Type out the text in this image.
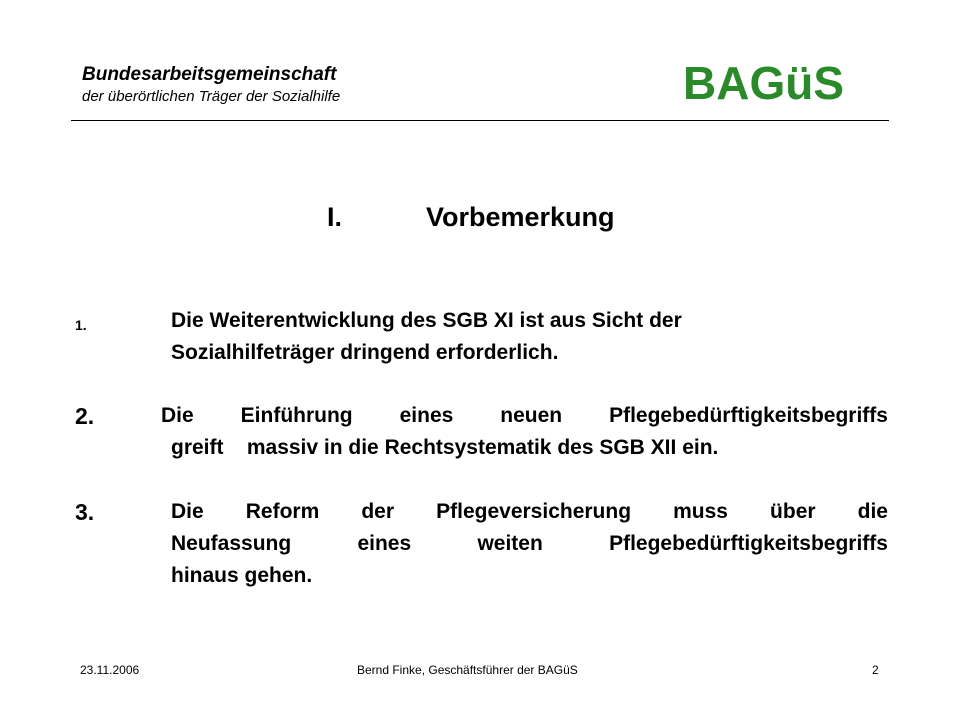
Bundesarbeitsgemeinschaft
der überörtlichen Träger der Sozialhilfe	BAGüS
I.	Vorbemerkung
1.	Die Weiterentwicklung des SGB XI ist aus Sicht der
Sozialhilfeträger dringend erforderlich.
2.	Die Einführung eines neuen Pflegebedürftigkeitsbegriffs
greift    massiv in die Rechtsystematik des SGB XII ein.
3.	Die Reform der Pflegeversicherung muss über die
Neufassung	eines	weiten	Pflegebedürftigkeitsbegriffs
hinaus gehen.
23.11.2006	Bernd Finke, Geschäftsführer der BAGüS	2
